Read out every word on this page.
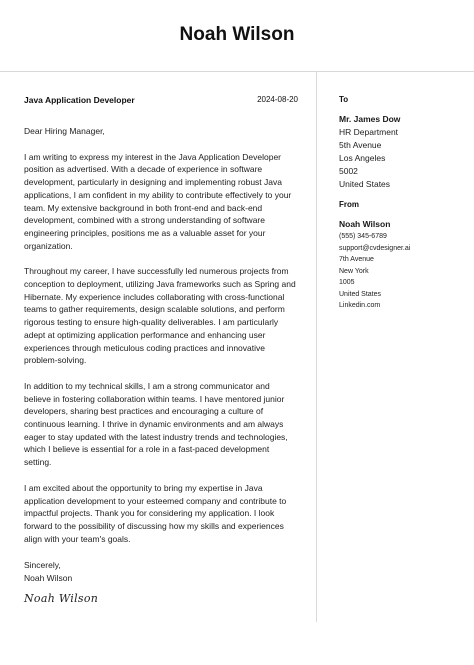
Noah Wilson
Java Application Developer	2024-08-20
Dear Hiring Manager,

I am writing to express my interest in the Java Application Developer position as advertised. With a decade of experience in software development, particularly in designing and implementing robust Java applications, I am confident in my ability to contribute effectively to your team. My extensive background in both front-end and back-end development, combined with a strong understanding of software engineering principles, positions me as a valuable asset for your organization.

Throughout my career, I have successfully led numerous projects from conception to deployment, utilizing Java frameworks such as Spring and Hibernate. My experience includes collaborating with cross-functional teams to gather requirements, design scalable solutions, and perform rigorous testing to ensure high-quality deliverables. I am particularly adept at optimizing application performance and enhancing user experiences through meticulous coding practices and innovative problem-solving.

In addition to my technical skills, I am a strong communicator and believe in fostering collaboration within teams. I have mentored junior developers, sharing best practices and encouraging a culture of continuous learning. I thrive in dynamic environments and am always eager to stay updated with the latest industry trends and technologies, which I believe is essential for a role in a fast-paced development setting.

I am excited about the opportunity to bring my expertise in Java application development to your esteemed company and contribute to impactful projects. Thank you for considering my application. I look forward to the possibility of discussing how my skills and experiences align with your team's goals.

Sincerely,
Noah Wilson
Noah Wilson
To
Mr. James Dow
HR Department
5th Avenue
Los Angeles
5002
United States
From
Noah Wilson
(555) 345-6789
support@cvdesigner.ai
7th Avenue
New York
1005
United States
Linkedin.com
